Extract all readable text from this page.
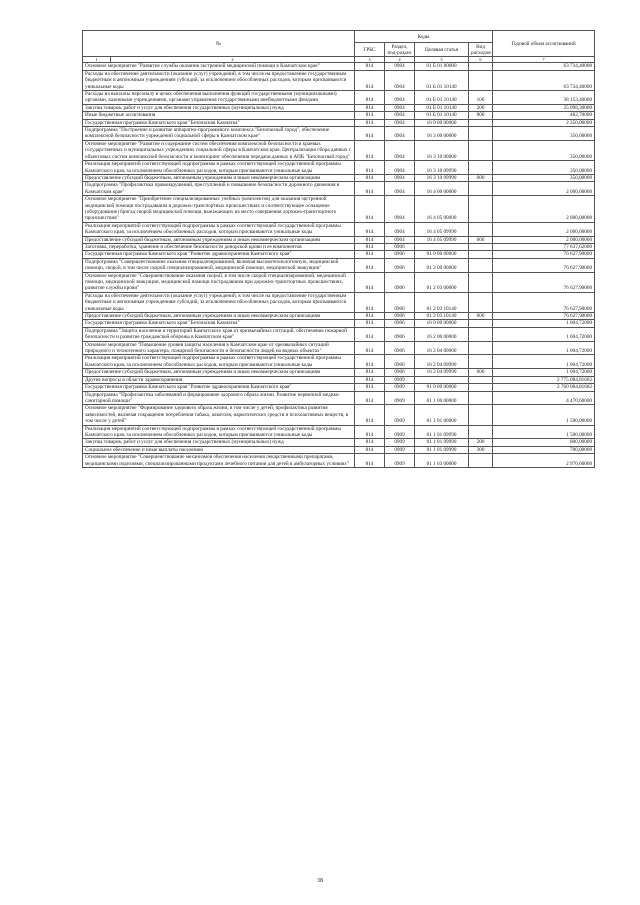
№		Коды				Годовой объем ассигнований
		ГРБС	Раздел, под-раздел	Целевая статья	Вид расходов	
1	2	3	4	5	6	7
Основное мероприятие "Развитие службы оказания экстренной медицинской помощи в Камчатском крае"		814	0904	01 Б 01 00000		63 734,40000
Расходы на обеспечение деятельности (оказание услуг) учреждений, в том числе на предоставление государственным бюджетным и автономным учреждениям субсидий, за исключением обособленных расходов, которым присваиваются уникальные коды		814	0904	01 Б 01 10140		63 734,40000
Расходы на выплаты персоналу в целях обеспечения выполнения функций государственными (муниципальными) органами, казенными учреждениями, органами управления государственными внебюджетными фондами		814	0904	01 Б 01 10140	100	38 153,40000
Закупка товаров, работ и услуг для обеспечения государственных (муниципальных) нужд		814	0904	01 Б 01 10140	200	25 098,30000
Иные бюджетные ассигнования		814	0904	01 Б 01 10140	800	482,70000
Государственная программа Камчатского края "Безопасная Камчатка"		814	0904	16 0 00 00000		2 350,00000
Подпрограмма "Построение и развитие аппаратно-программного комплекса "Безопасный город", обеспечение комплексной безопасности учреждений социальной сферы в Камчатском крае"		814	0904	16 3 00 00000		350,00000
Основное мероприятие "Развитие и содержание систем обеспечения комплексной безопасности в краевых государственных и муниципальных учреждениях социальной сферы в Камчатском крае. Централизация сбора данных с объектовых систем комплексной безопасности и мониторинг обеспечения передачи данных в АПК "Безопасный город"		814	0904	16 3 10 00000		350,00000
Реализация мероприятий соответствующей подпрограммы в рамках соответствующей государственной программы Камчатского края, за исключением обособленных расходов, которым присваиваются уникальные коды		814	0904	16 3 10 09990		350,00000
Предоставление субсидий бюджетным, автономным учреждениям и иным некоммерческим организациям		814	0904	16 3 10 09990	600	350,00000
Подпрограмма "Профилактика правонарушений, преступлений и повышение безопасности дорожного движения в Камчатском крае"		814	0904	16 4 00 00000		2 000,00000
Основное мероприятие "Приобретение специализированных учебных (комплектов) для оказания экстренной медицинской помощи пострадавшим в дорожно-транспортных происшествиях и соответствующее оснащение (оборудование) бригад скорой медицинской помощи, выезжающих на место совершения дорожно-транспортного происшествия"		814	0904	16 4 05 00000		2 000,00000
Реализация мероприятий соответствующей подпрограммы в рамках соответствующей государственной программы Камчатского края, за исключением обособленных расходов, которым присваиваются уникальные коды		814	0904	16 4 05 09990		2 000,00000
Предоставление субсидий бюджетным, автономным учреждениям и иным некоммерческим организациям		814	0904	16 4 05 09990	600	2 000,00000
Заготовка, переработка, хранение и обеспечение безопасности донорской крови и ее компонентов		814	0906			77 637,62000
Государственная программа Камчатского края "Развитие здравоохранения Камчатского края"		814	0906	01 0 00 00000		76 627,90000
Подпрограмма "Совершенствование оказания специализированной, включая высокотехнологичную, медицинской помощи, скорой, в том числе скорой специализированной, медицинской помощи, медицинской эвакуации"		814	0906	01 2 00 00000		76 627,90000
Основное мероприятие "Совершенствование оказания скорой, в том числе скорой специализированной, медицинской помощи, медицинской эвакуации, медицинской помощи пострадавшим при дорожно-транспортных происшествиях, развитие службы крови"		814	0906	01 2 03 00000		76 627,90000
Расходы на обеспечение деятельности (оказание услуг) учреждений, в том числе на предоставление государственным бюджетным и автономным учреждениям субсидий, за исключением обособленных расходов, которым присваиваются уникальные коды		814	0906	01 2 03 10140		76 627,90000
Предоставление субсидий бюджетным, автономным учреждениям и иным некоммерческим организациям		814	0906	01 2 03 10140	600	76 627,90000
Государственная программа Камчатского края "Безопасная Камчатка"		814	0906	16 0 00 00000		1 004,72000
Подпрограмма "Защита населения и территорий Камчатского края от чрезвычайных ситуаций, обеспечение пожарной безопасности и развитие гражданской обороны в Камчатском крае"		814	0906	16 2 00 00000		1 004,72000
Основное мероприятие "Повышение уровня защиты населения в Камчатском крае от чрезвычайных ситуаций природного и техногенного характера, пожарной безопасности и безопасности людей на водных объектах"		814	0906	16 2 04 00000		1 004,72000
Реализация мероприятий соответствующей подпрограммы в рамках соответствующей государственной программы Камчатского края, за исключением обособленных расходов, которым присваиваются уникальные коды		814	0906	16 2 04 09990		1 004,72000
Предоставление субсидий бюджетным, автономным учреждениям и иным некоммерческим организациям		814	0906	16 2 04 09990	600	1 004,72000
Другие вопросы в области здравоохранения		814	0909			2 775 084,81682
Государственная программа Камчатского края "Развитие здравоохранения Камчатского края"		814	0909	01 0 00 00000		2 760 084,81682
Подпрограмма "Профилактика заболеваний и формирование здорового образа жизни. Развитие первичной медико-санитарной помощи"		814	0909	01 1 00 00000		4 470,60000
Основное мероприятие "Формирование здорового образа жизни, в том числе у детей, профилактика развития зависимостей, включая сокращение потребления табака, алкоголя, наркотических средств и психоактивных веществ, в том числе у детей"		814	0909	01 1 01 00000		1 500,00000
Реализация мероприятий соответствующей подпрограммы в рамках соответствующей государственной программы Камчатского края, за исключением обособленных расходов, которым присваиваются уникальные коды		814	0909	01 1 01 09990		1 500,00000
Закупка товаров, работ и услуг для обеспечения государственных (муниципальных) нужд		814	0909	01 1 01 09990	200	800,00000
Социальное обеспечение и иные выплаты населению		814	0909	01 1 01 09990	300	700,00000
Основное мероприятие "Совершенствование механизмов обеспечения населения лекарственными препаратами, медицинскими изделиями, специализированными продуктами лечебного питания для детей в амбулаторных условиях"		814	0909	01 1 03 00000		2 970,60000
38
